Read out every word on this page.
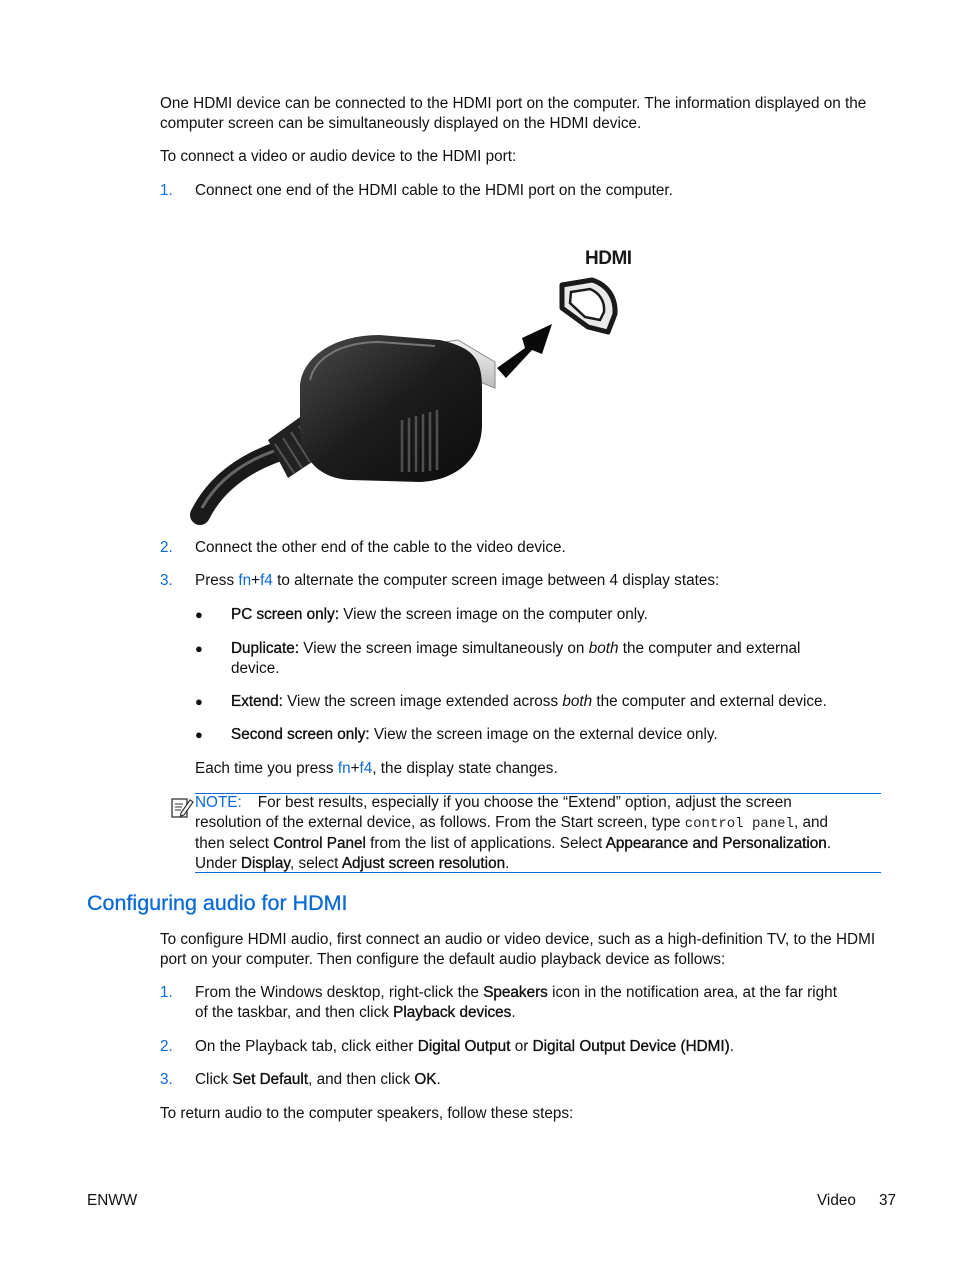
One HDMI device can be connected to the HDMI port on the computer. The information displayed on the computer screen can be simultaneously displayed on the HDMI device.
To connect a video or audio device to the HDMI port:
1. Connect one end of the HDMI cable to the HDMI port on the computer.
HDMI
2. Connect the other end of the cable to the video device.
3. Press fn+f4 to alternate the computer screen image between 4 display states:
● PC screen only: View the screen image on the computer only.
● Duplicate: View the screen image simultaneously on both the computer and external
device.
● Extend: View the screen image extended across both the computer and external device.
● Second screen only: View the screen image on the external device only.
Each time you press fn+f4, the display state changes.
NOTE: For best results, especially if you choose the “Extend” option, adjust the screen
resolution of the external device, as follows. From the Start screen, type control panel, and
then select Control Panel from the list of applications. Select Appearance and Personalization.
Under Display, select Adjust screen resolution.
Configuring audio for HDMI
To configure HDMI audio, first connect an audio or video device, such as a high-definition TV, to the HDMI port on your computer. Then configure the default audio playback device as follows:
1. From the Windows desktop, right-click the Speakers icon in the notification area, at the far right
of the taskbar, and then click Playback devices.
2. On the Playback tab, click either Digital Output or Digital Output Device (HDMI).
3. Click Set Default, and then click OK.
To return audio to the computer speakers, follow these steps:
ENWW	Video 37
